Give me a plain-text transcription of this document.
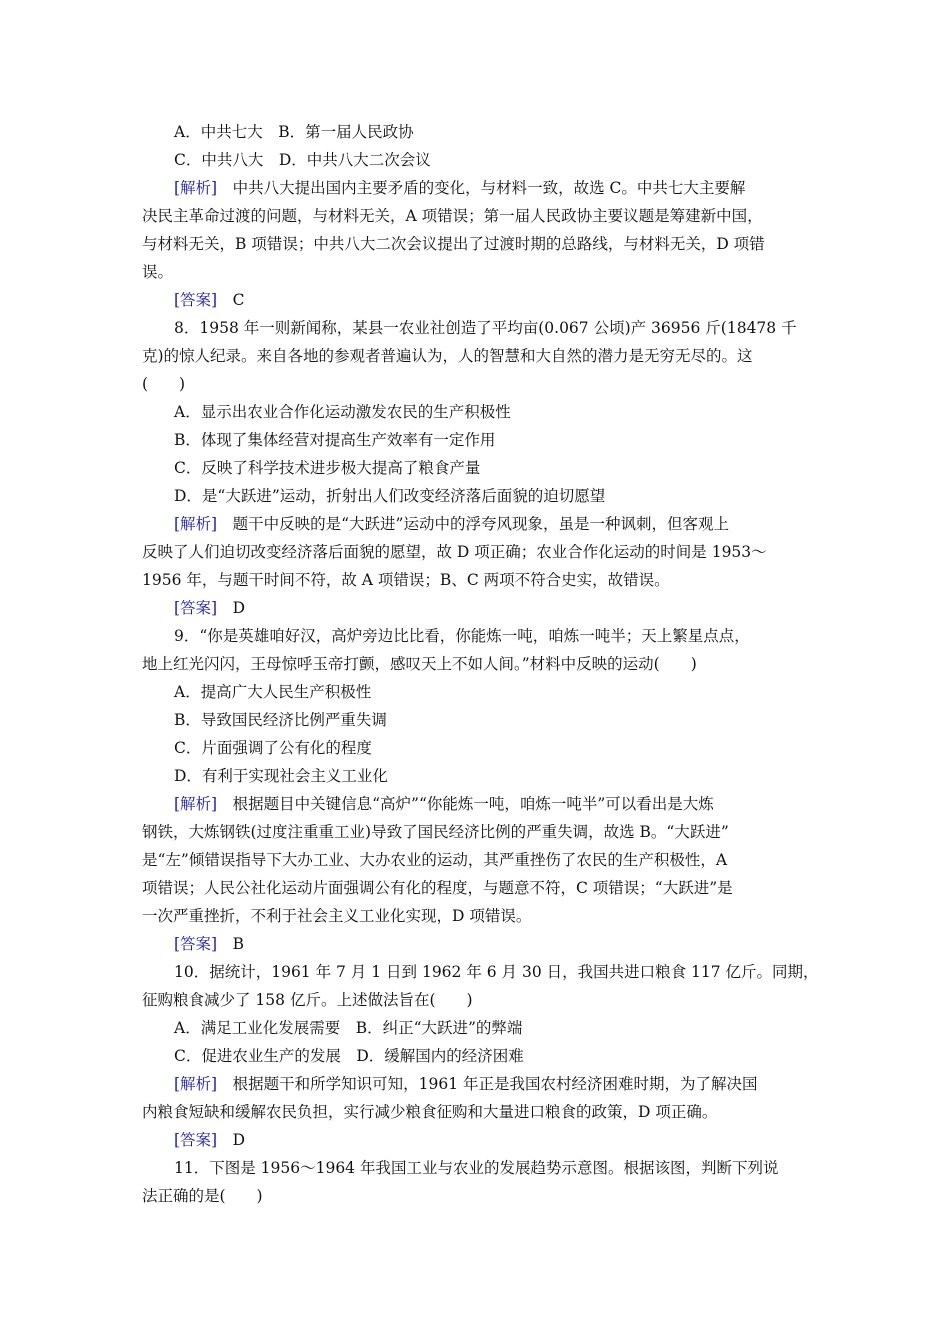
A．中共七大　B．第一届人民政协
C．中共八大　D．中共八大二次会议
[解析]　中共八大提出国内主要矛盾的变化，与材料一致，故选 C。中共七大主要解
决民主革命过渡的问题，与材料无关，A 项错误；第一届人民政协主要议题是筹建新中国，
与材料无关，B 项错误；中共八大二次会议提出了过渡时期的总路线，与材料无关，D 项错
误。
[答案]　C
8．1958 年一则新闻称，某县一农业社创造了平均亩(0.067 公顷)产 36956 斤(18478 千
克)的惊人纪录。来自各地的参观者普遍认为，人的智慧和大自然的潜力是无穷无尽的。这
(　　)
A．显示出农业合作化运动激发农民的生产积极性
B．体现了集体经营对提高生产效率有一定作用
C．反映了科学技术进步极大提高了粮食产量
D．是“大跃进”运动，折射出人们改变经济落后面貌的迫切愿望
[解析]　题干中反映的是“大跃进”运动中的浮夸风现象，虽是一种讽刺，但客观上
反映了人们迫切改变经济落后面貌的愿望，故 D 项正确；农业合作化运动的时间是 1953～
1956 年，与题干时间不符，故 A 项错误；B、C 两项不符合史实，故错误。
[答案]　D
9．“你是英雄咱好汉，高炉旁边比比看，你能炼一吨，咱炼一吨半；天上繁星点点，
地上红光闪闪，王母惊呼玉帝打颤，感叹天上不如人间。”材料中反映的运动(　　)
A．提高广大人民生产积极性
B．导致国民经济比例严重失调
C．片面强调了公有化的程度
D．有利于实现社会主义工业化
[解析]　根据题目中关键信息“高炉”“你能炼一吨，咱炼一吨半”可以看出是大炼
钢铁，大炼钢铁(过度注重重工业)导致了国民经济比例的严重失调，故选 B。“大跃进”
是“左”倾错误指导下大办工业、大办农业的运动，其严重挫伤了农民的生产积极性，A
项错误；人民公社化运动片面强调公有化的程度，与题意不符，C 项错误；“大跃进”是
一次严重挫折，不利于社会主义工业化实现，D 项错误。
[答案]　B
10．据统计，1961 年 7 月 1 日到 1962 年 6 月 30 日，我国共进口粮食 117 亿斤。同期，
征购粮食减少了 158 亿斤。上述做法旨在(　　)
A．满足工业化发展需要　B．纠正“大跃进”的弊端
C．促进农业生产的发展　D．缓解国内的经济困难
[解析]　根据题干和所学知识可知，1961 年正是我国农村经济困难时期，为了解决国
内粮食短缺和缓解农民负担，实行减少粮食征购和大量进口粮食的政策，D 项正确。
[答案]　D
11．下图是 1956～1964 年我国工业与农业的发展趋势示意图。根据该图，判断下列说
法正确的是(　　)
